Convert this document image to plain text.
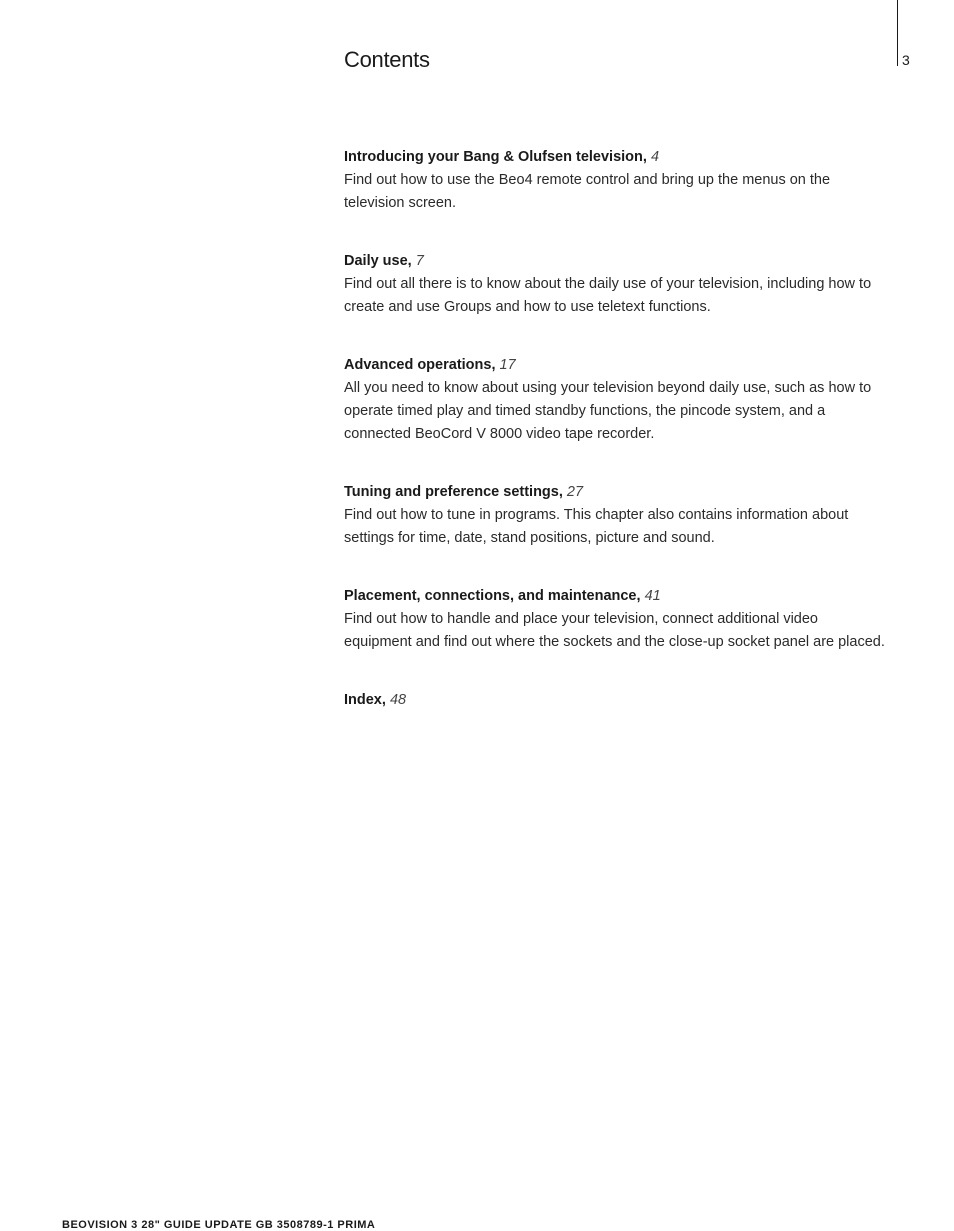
3
Contents
Introducing your Bang & Olufsen television, 4
Find out how to use the Beo4 remote control and bring up the menus on the television screen.
Daily use, 7
Find out all there is to know about the daily use of your television, including how to create and use Groups and how to use teletext functions.
Advanced operations, 17
All you need to know about using your television beyond daily use, such as how to operate timed play and timed standby functions, the pincode system, and a connected BeoCord V 8000 video tape recorder.
Tuning and preference settings, 27
Find out how to tune in programs. This chapter also contains information about settings for time, date, stand positions, picture and sound.
Placement, connections, and maintenance, 41
Find out how to handle and place your television, connect additional video equipment and find out where the sockets and the close-up socket panel are placed.
Index, 48
BEOVISION 3 28" GUIDE UPDATE GB 3508789-1 PRIMA
